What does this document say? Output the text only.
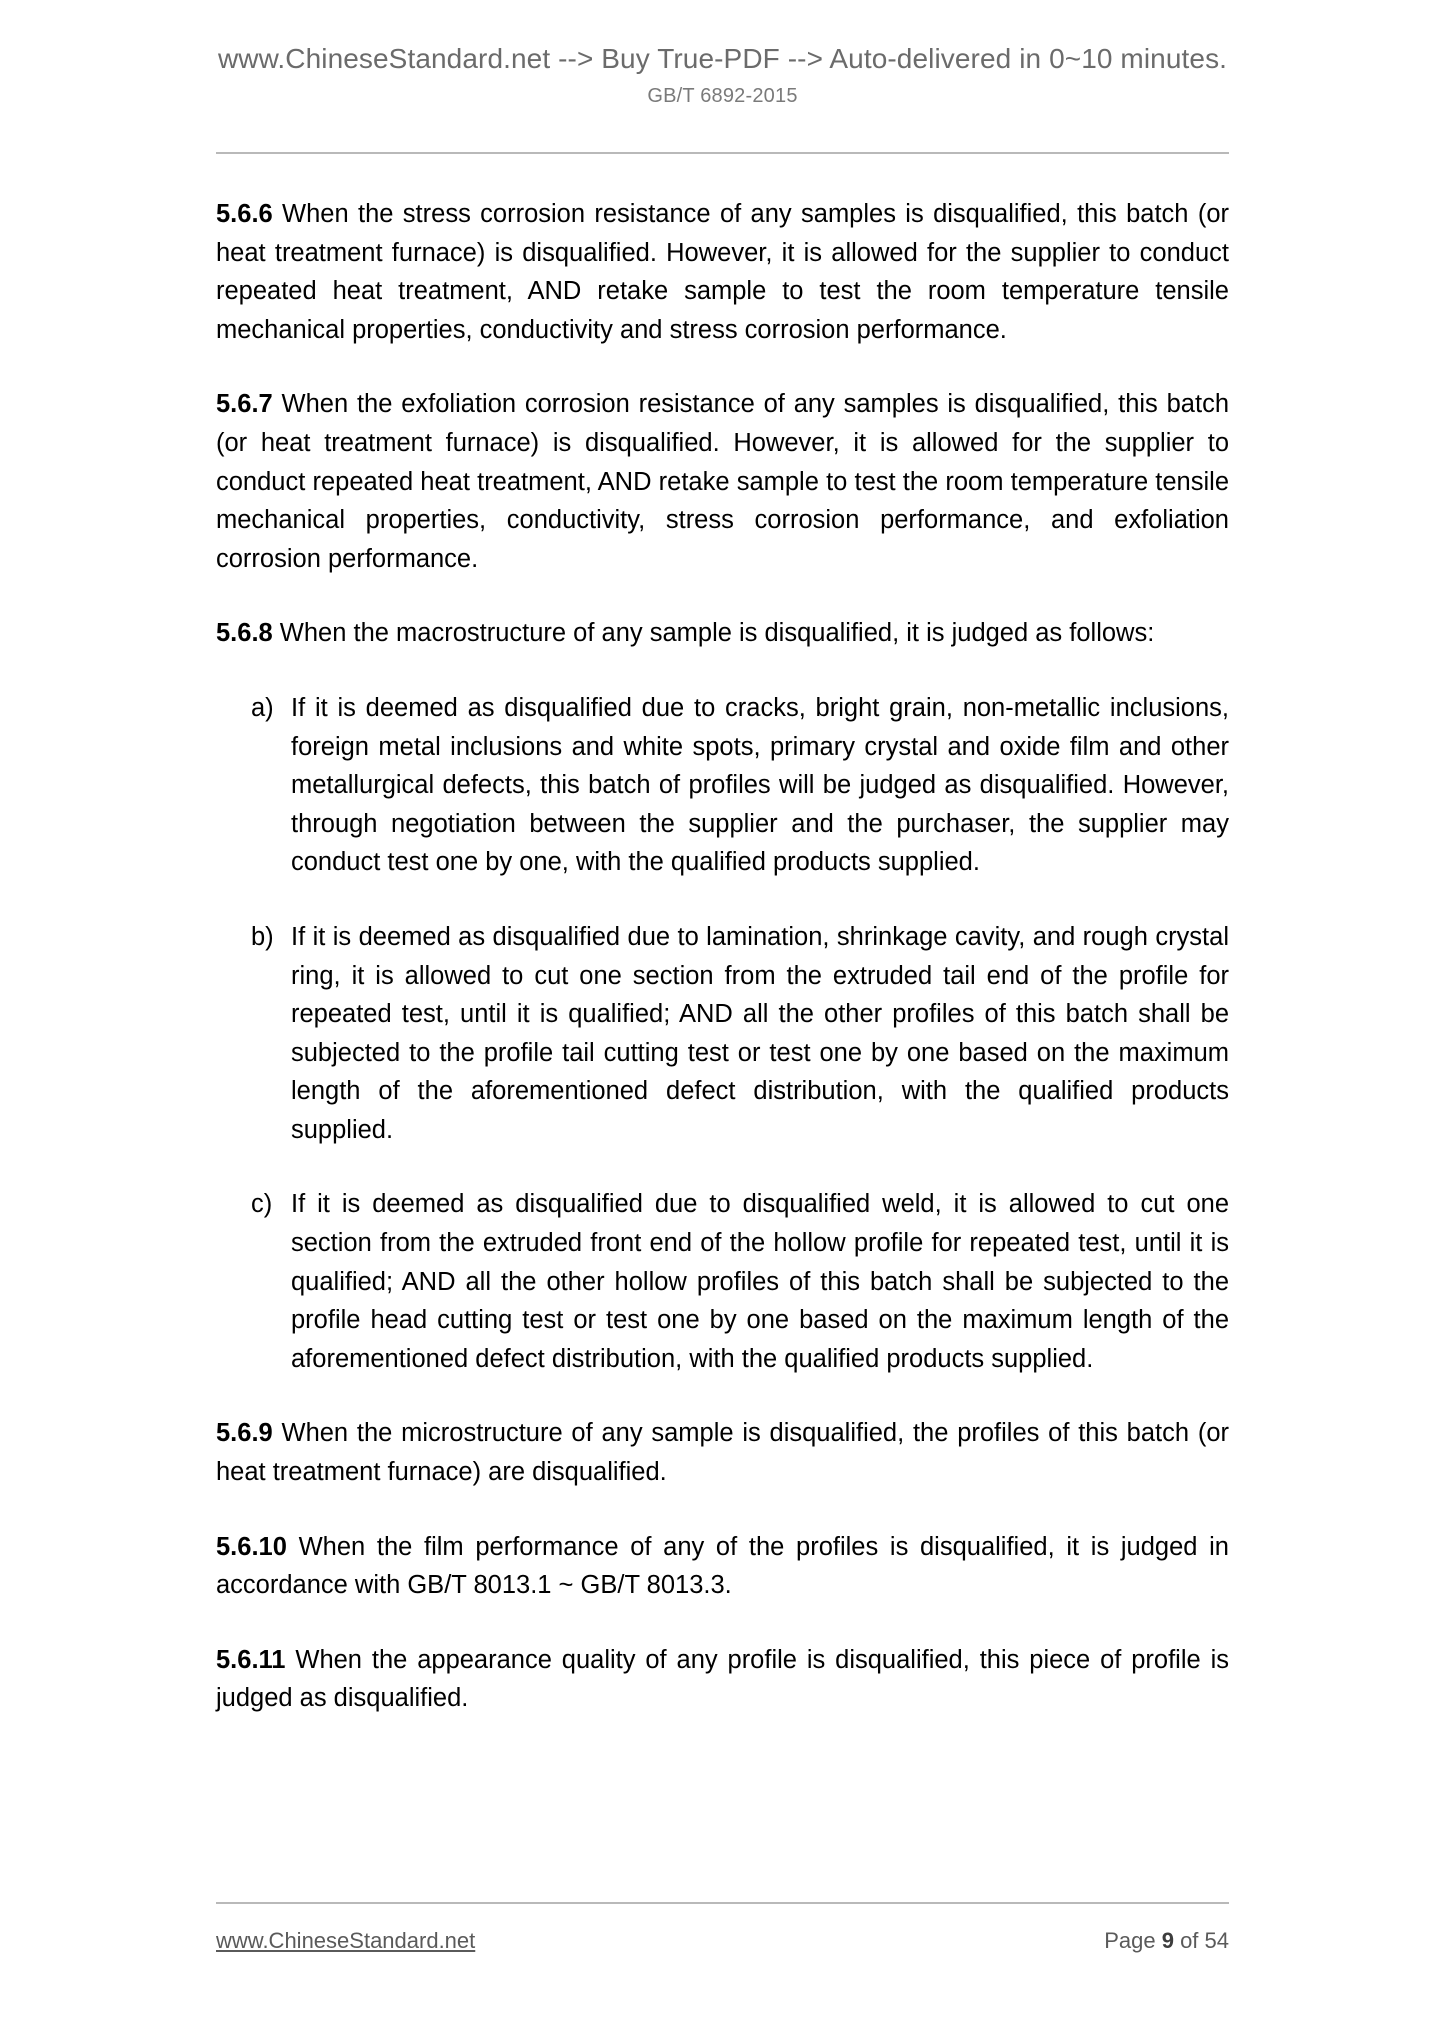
www.ChineseStandard.net --> Buy True-PDF --> Auto-delivered in 0~10 minutes.
GB/T 6892-2015

5.6.6 When the stress corrosion resistance of any samples is disqualified, this batch (or heat treatment furnace) is disqualified. However, it is allowed for the supplier to conduct repeated heat treatment, AND retake sample to test the room temperature tensile mechanical properties, conductivity and stress corrosion performance.

5.6.7 When the exfoliation corrosion resistance of any samples is disqualified, this batch (or heat treatment furnace) is disqualified. However, it is allowed for the supplier to conduct repeated heat treatment, AND retake sample to test the room temperature tensile mechanical properties, conductivity, stress corrosion performance, and exfoliation corrosion performance.

5.6.8 When the macrostructure of any sample is disqualified, it is judged as follows:

a) If it is deemed as disqualified due to cracks, bright grain, non-metallic inclusions, foreign metal inclusions and white spots, primary crystal and oxide film and other metallurgical defects, this batch of profiles will be judged as disqualified. However, through negotiation between the supplier and the purchaser, the supplier may conduct test one by one, with the qualified products supplied.
b) If it is deemed as disqualified due to lamination, shrinkage cavity, and rough crystal ring, it is allowed to cut one section from the extruded tail end of the profile for repeated test, until it is qualified; AND all the other profiles of this batch shall be subjected to the profile tail cutting test or test one by one based on the maximum length of the aforementioned defect distribution, with the qualified products supplied.
c) If it is deemed as disqualified due to disqualified weld, it is allowed to cut one section from the extruded front end of the hollow profile for repeated test, until it is qualified; AND all the other hollow profiles of this batch shall be subjected to the profile head cutting test or test one by one based on the maximum length of the aforementioned defect distribution, with the qualified products supplied.

5.6.9 When the microstructure of any sample is disqualified, the profiles of this batch (or heat treatment furnace) are disqualified.

5.6.10 When the film performance of any of the profiles is disqualified, it is judged in accordance with GB/T 8013.1 ~ GB/T 8013.3.

5.6.11 When the appearance quality of any profile is disqualified, this piece of profile is judged as disqualified.

www.ChineseStandard.net	Page 9 of 54
